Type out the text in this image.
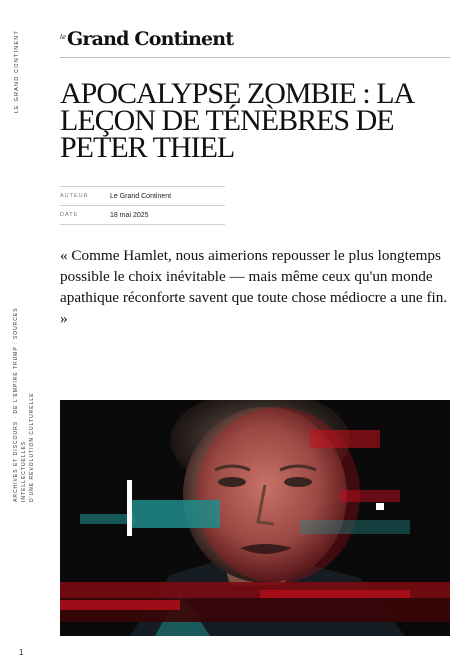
LE GRAND CONTINENT
ARCHIVES ET DISCOURS · DE L'EMPIRE TRUMP : SOURCES INTELLECTUELLES D'UNE RÉVOLUTION CULTURELLE
$^{le}$Grand Continent
APOCALYPSE ZOMBIE : LA LEÇON DE TÉNÈBRES DE PETER THIEL
AUTEUR	Le Grand Continent
DATE	18 mai 2025

« Comme Hamlet, nous aimerions repousser le plus longtemps possible le choix inévitable — mais même ceux qu'un monde apathique réconforte savent que toute chose médiocre a une fin. »

1
